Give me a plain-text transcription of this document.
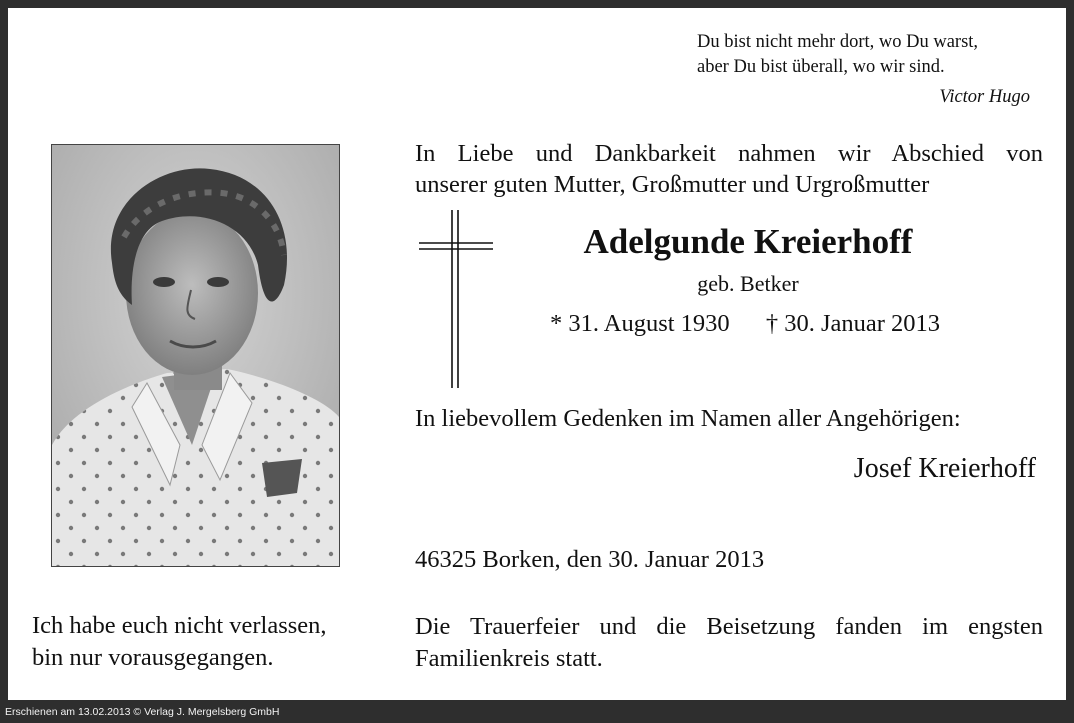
Du bist nicht mehr dort, wo Du warst,
aber Du bist überall, wo wir sind.
Victor Hugo
In Liebe und Dankbarkeit nahmen wir Abschied von
unserer guten Mutter, Großmutter und Urgroßmutter
Adelgunde Kreierhoff
geb. Betker
* 31. August 1930 † 30. Januar 2013
In liebevollem Gedenken im Namen aller Angehörigen:
Josef Kreierhoff
46325 Borken, den 30. Januar 2013
Die Trauerfeier und die Beisetzung fanden im engsten
Familienkreis statt.
Ich habe euch nicht verlassen,
bin nur vorausgegangen.
Erschienen am 13.02.2013 © Verlag J. Mergelsberg GmbH
